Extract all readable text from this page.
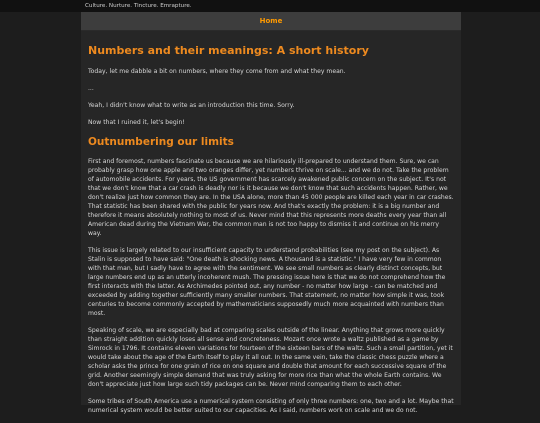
Culture. Nurture. Tincture. Emrapture.
Home
Numbers and their meanings: A short history

Today, let me dabble a bit on numbers, where they come from and what they mean.

...

Yeah, I didn't know what to write as an introduction this time. Sorry.

Now that I ruined it, let's begin!

Outnumbering our limits

First and foremost, numbers fascinate us because we are hilariously ill-prepared to understand them. Sure, we can probably grasp how one apple and two oranges differ, yet numbers thrive on scale... and we do not. Take the problem of automobile accidents. For years, the US government has scarcely awakened public concern on the subject. It's not that we don't know that a car crash is deadly nor is it because we don't know that such accidents happen. Rather, we don't realize just how common they are. In the USA alone, more than 45 000 people are killed each year in car crashes. That statistic has been shared with the public for years now. And that's exactly the problem: it is a big number and therefore it means absolutely nothing to most of us. Never mind that this represents more deaths every year than all American dead during the Vietnam War, the common man is not too happy to dismiss it and continue on his merry way.

This issue is largely related to our insufficient capacity to understand probabilities (see my post on the subject). As Stalin is supposed to have said: "One death is shocking news. A thousand is a statistic." I have very few in common with that man, but I sadly have to agree with the sentiment. We see small numbers as clearly distinct concepts, but large numbers end up as an utterly incoherent mush. The pressing issue here is that we do not comprehend how the first interacts with the latter. As Archimedes pointed out, any number - no matter how large - can be matched and exceeded by adding together sufficiently many smaller numbers. That statement, no matter how simple it was, took centuries to become commonly accepted by mathematicians supposedly much more acquainted with numbers than most.

Speaking of scale, we are especially bad at comparing scales outside of the linear. Anything that grows more quickly than straight addition quickly loses all sense and concreteness. Mozart once wrote a waltz published as a game by Simrock in 1796. It contains eleven variations for fourteen of the sixteen bars of the waltz. Such a small partition, yet it would take about the age of the Earth itself to play it all out. In the same vein, take the classic chess puzzle where a scholar asks the prince for one grain of rice on one square and double that amount for each successive square of the grid. Another seemingly simple demand that was truly asking for more rice than what the whole Earth contains. We don't appreciate just how large such tidy packages can be. Never mind comparing them to each other.

Some tribes of South America use a numerical system consisting of only three numbers: one, two and a lot. Maybe that numerical system would be better suited to our capacities. As I said, numbers work on scale and we do not.
